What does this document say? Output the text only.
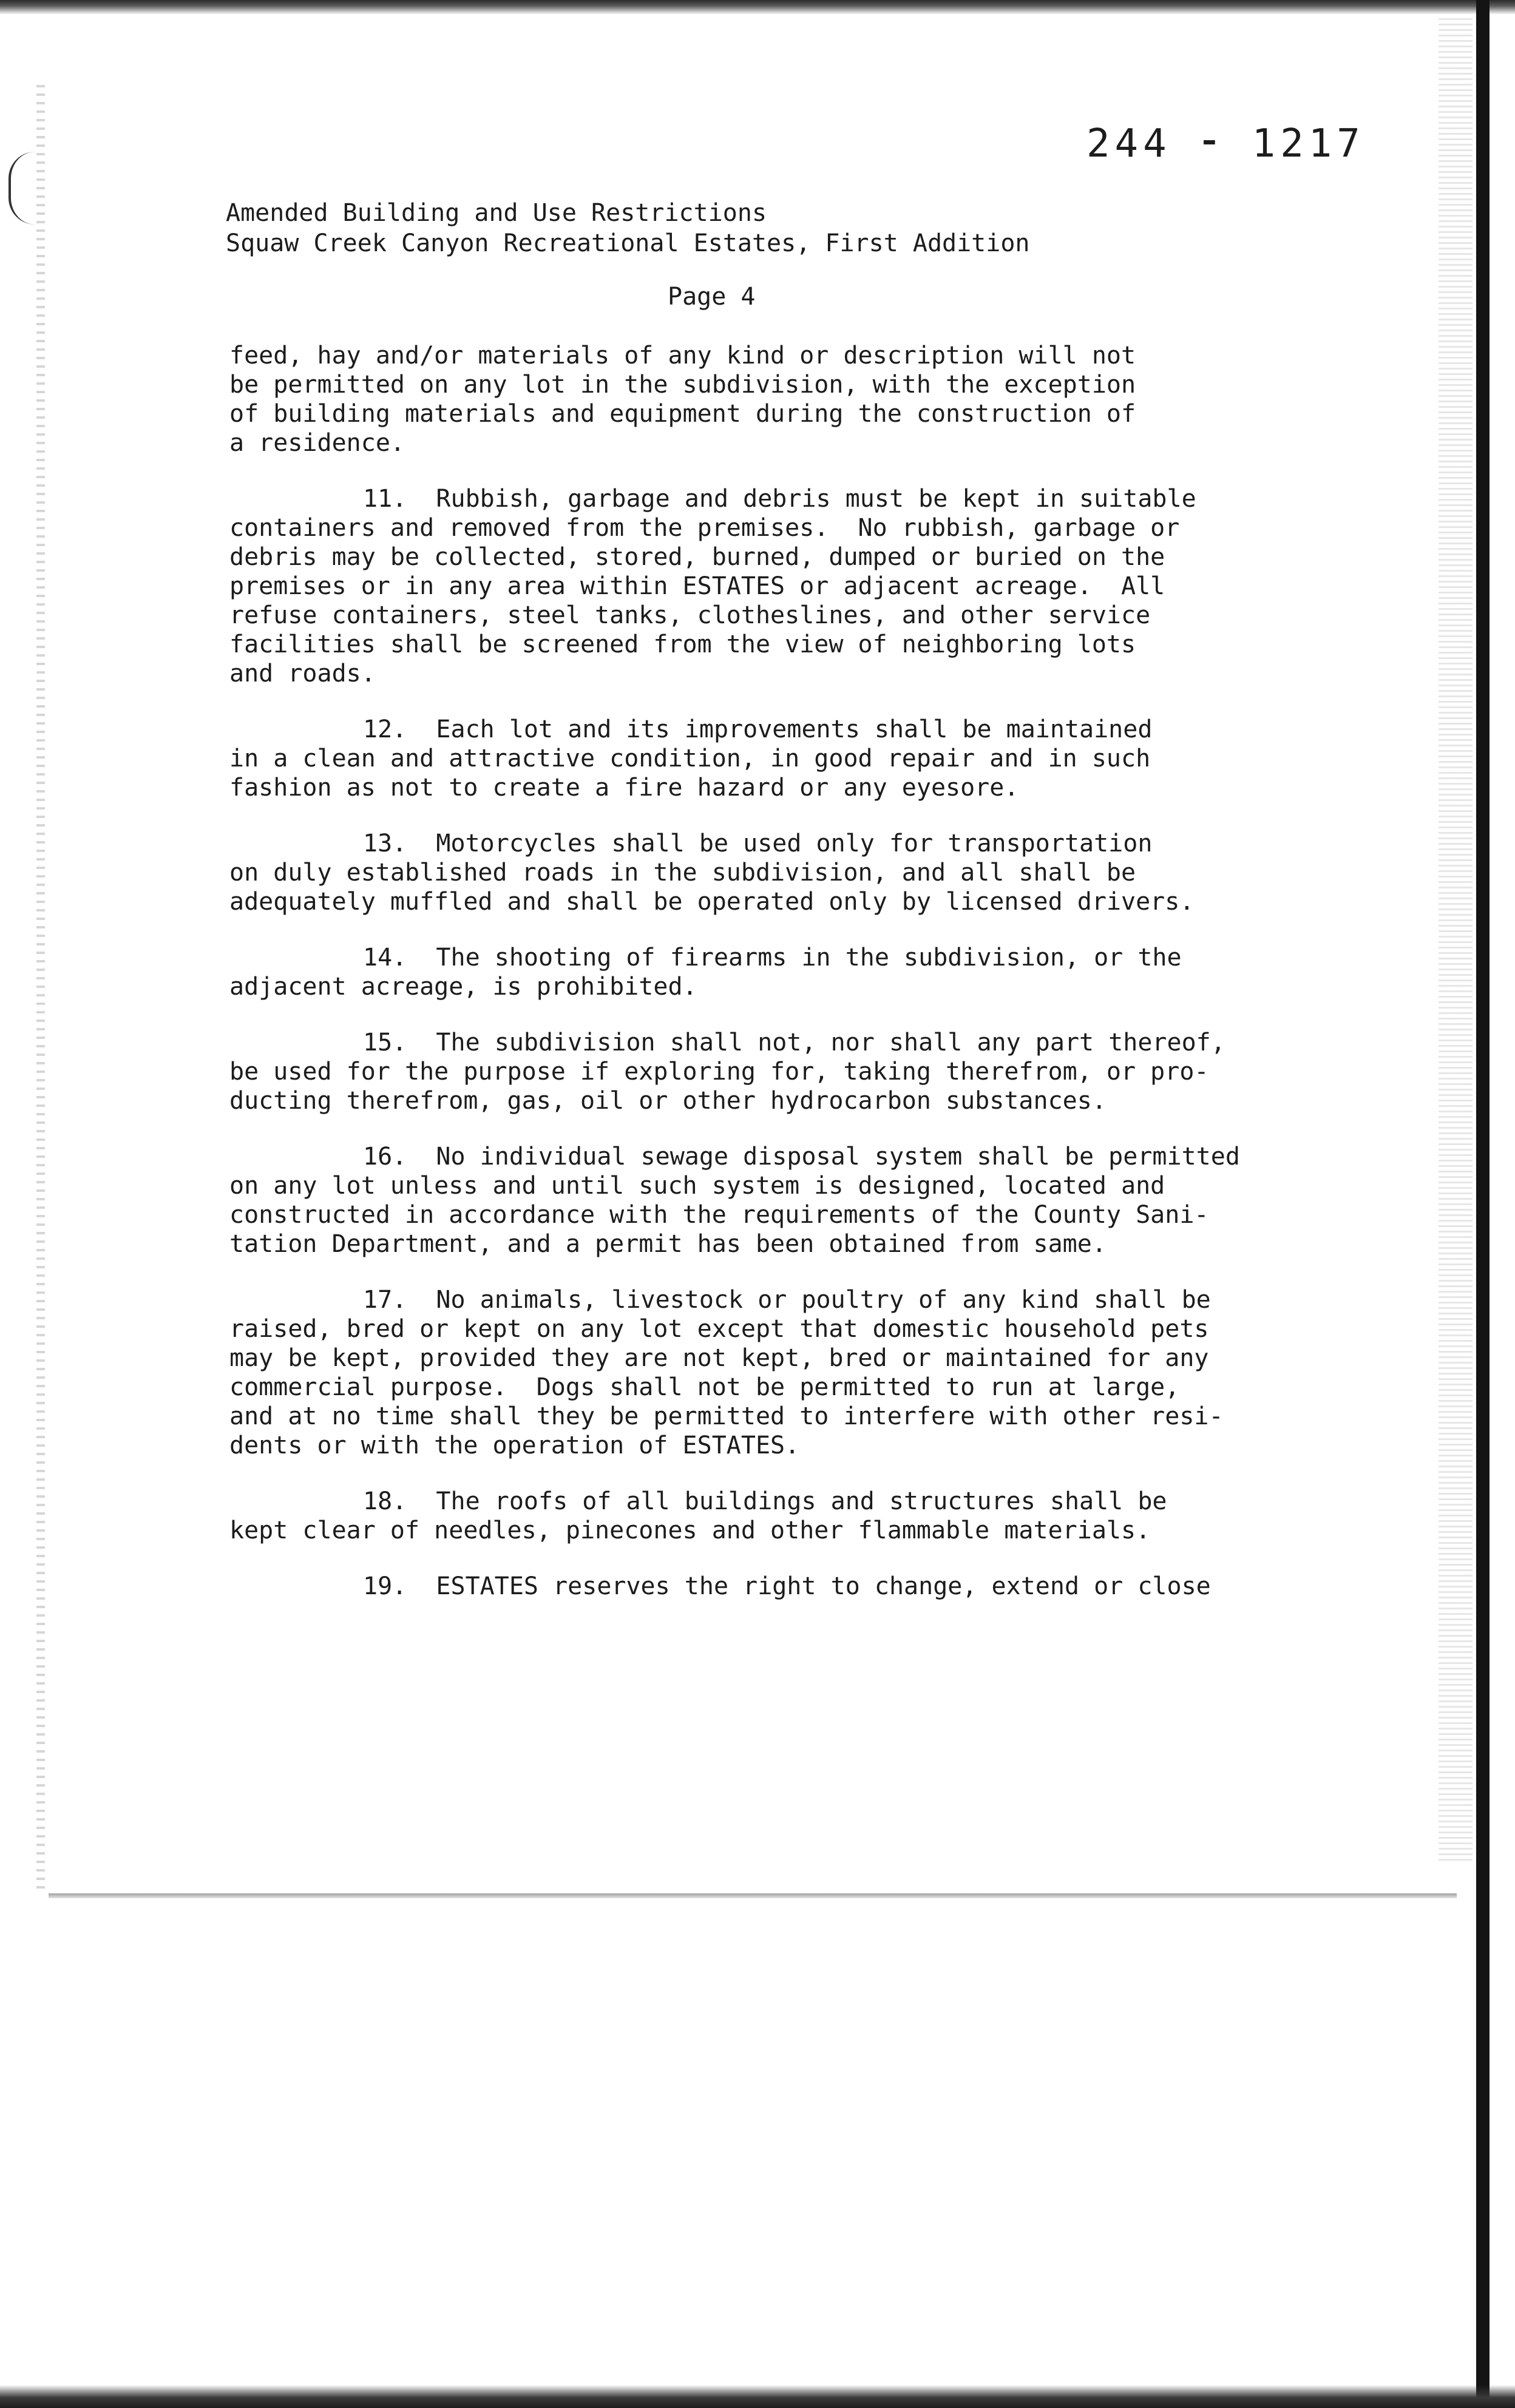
244 ⁃ 1217
Amended Building and Use Restrictions
Squaw Creek Canyon Recreational Estates, First Addition
Page 4
feed, hay and/or materials of any kind or description will not
be permitted on any lot in the subdivision, with the exception
of building materials and equipment during the construction of
a residence.
11.  Rubbish, garbage and debris must be kept in suitable
containers and removed from the premises.  No rubbish, garbage or
debris may be collected, stored, burned, dumped or buried on the
premises or in any area within ESTATES or adjacent acreage.  All
refuse containers, steel tanks, clotheslines, and other service
facilities shall be screened from the view of neighboring lots
and roads.
12.  Each lot and its improvements shall be maintained
in a clean and attractive condition, in good repair and in such
fashion as not to create a fire hazard or any eyesore.
13.  Motorcycles shall be used only for transportation
on duly established roads in the subdivision, and all shall be
adequately muffled and shall be operated only by licensed drivers.
14.  The shooting of firearms in the subdivision, or the
adjacent acreage, is prohibited.
15.  The subdivision shall not, nor shall any part thereof,
be used for the purpose if exploring for, taking therefrom, or pro-
ducting therefrom, gas, oil or other hydrocarbon substances.
16.  No individual sewage disposal system shall be permitted
on any lot unless and until such system is designed, located and
constructed in accordance with the requirements of the County Sani-
tation Department, and a permit has been obtained from same.
17.  No animals, livestock or poultry of any kind shall be
raised, bred or kept on any lot except that domestic household pets
may be kept, provided they are not kept, bred or maintained for any
commercial purpose.  Dogs shall not be permitted to run at large,
and at no time shall they be permitted to interfere with other resi-
dents or with the operation of ESTATES.
18.  The roofs of all buildings and structures shall be
kept clear of needles, pinecones and other flammable materials.
19.  ESTATES reserves the right to change, extend or close
